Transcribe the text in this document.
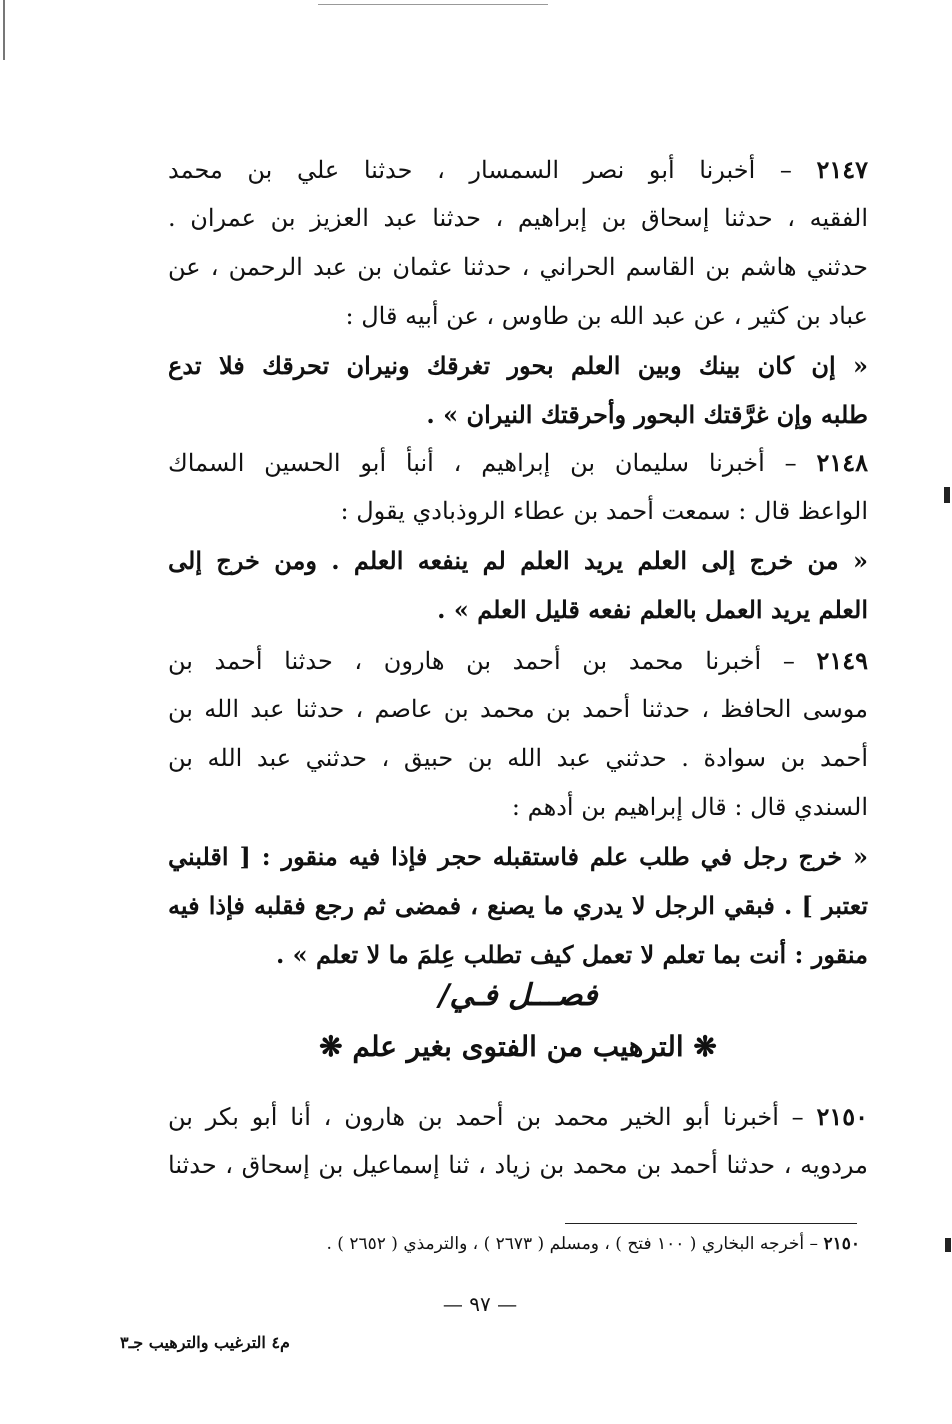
٢١٤٧ – أخبرنا أبو نصر السمسار ، حدثنا علي بن محمد
الفقيه ، حدثنا إسحاق بن إبراهيم ، حدثنا عبد العزيز بن عمران .
حدثني هاشم بن القاسم الحراني ، حدثنا عثمان بن عبد الرحمن ، عن
عباد بن كثير ، عن عبد الله بن طاوس ، عن أبيه قال :
« إن كان بينك وبين العلم بحور تغرقك ونيران تحرقك فلا تدع
طلبه وإن غرَّقتك البحور وأحرقتك النيران » .
٢١٤٨ – أخبرنا سليمان بن إبراهيم ، أنبأ أبو الحسين السماك
الواعظ قال : سمعت أحمد بن عطاء الروذبادي يقول :
« من خرج إلى العلم يريد العلم لم ينفعه العلم . ومن خرج إلى
العلم يريد العمل بالعلم نفعه قليل العلم » .
٢١٤٩ – أخبرنا محمد بن أحمد بن هارون ، حدثنا أحمد بن
موسى الحافظ ، حدثنا أحمد بن محمد بن عاصم ، حدثنا عبد الله بن
أحمد بن سوادة . حدثني عبد الله بن حبيق ، حدثني عبد الله بن
السندي قال : قال إبراهيم بن أدهم :
« خرج رجل في طلب علم فاستقبله حجر فإذا فيه منقور : [ اقلبني
تعتبر ] . فبقي الرجل لا يدري ما يصنع ، فمضى ثم رجع فقلبه فإذا فيه
منقور : أنت بما تعلم لا تعمل كيف تطلب عِلمَ ما لا تعلم » .
فصـــل فـي/
❋ الترهيب من الفتوى بغير علم ❋
٢١٥٠ – أخبرنا أبو الخير محمد بن أحمد بن هارون ، أنا أبو بكر بن
مردويه ، حدثنا أحمد بن محمد بن زياد ، ثنا إسماعيل بن إسحاق ، حدثنا
٢١٥٠ – أخرجه البخاري ( ١٠٠ فتح ) ، ومسلم ( ٢٦٧٣ ) ، والترمذي ( ٢٦٥٢ ) .
— ٩٧ —
م٤ الترغيب والترهيب جـ٣
